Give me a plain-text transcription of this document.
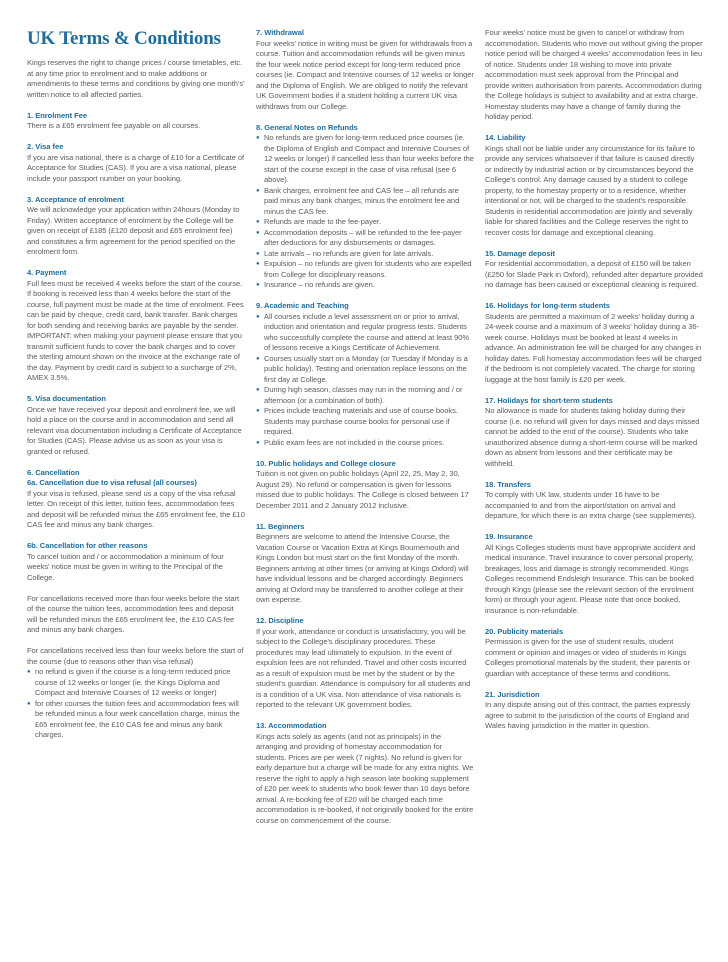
UK Terms & Conditions

Kings reserves the right to change prices / course timetables, etc. at any time prior to enrolment and to make additions or amendments to these terms and conditions by giving one month's' written notice to all affected parties.

1. Enrolment Fee
There is a £65 enrolment fee payable on all courses.
2. Visa fee
If you are visa national, there is a charge of £10 for a Certificate of Acceptance for Studies (CAS). If you are a visa national, please include your passport number on your booking.
3. Acceptance of enrolment
We will acknowledge your application within 24hours (Monday to Friday). Written acceptance of enrolment by the College will be given on receipt of £185 (£120 deposit and £65 enrolment fee) and constitutes a firm agreement for the period specified on the enrolment form.
4. Payment
Full fees must be received 4 weeks before the start of the course. If booking is received less than 4 weeks before the start of the course, full payment must be made at the time of enrolment. Fees can be paid by cheque, credit card, bank transfer. Bank charges for both sending and receiving banks are payable by the sender. IMPORTANT: when making your payment please ensure that you transmit sufficient funds to cover the bank charges and to cover the sterling amount shown on the invoice at the exchange rate of the day. Payment by credit card is subject to a surcharge of 2%, AMEX 3.5%.
5. Visa documentation
Once we have received your deposit and enrolment fee, we will hold a place on the course and in accommodation and send all relevant visa documentation including a Certificate of Acceptance for Studies (CAS). Please advise us as soon as your visa is granted or refused.
6. Cancellation
6a. Cancellation due to visa refusal (all courses)

If your visa is refused, please send us a copy of the visa refusal letter. On receipt of this letter, tuition fees, accommodation fees and deposit will be refunded minus the £65 enrolment fee, the £10 CAS fee and minus any bank charges.

6b. Cancellation for other reasons

To cancel tuition and / or accommodation a minimum of four weeks' notice must be given in writing to the Principal of the College.

For cancellations received more than four weeks before the start of the course the tuition fees, accommodation fees and deposit will be refunded minus the £65 enrolment fee, the £10 CAS fee and minus any bank charges.

For cancellations received less than four weeks before the start of the course (due to reasons other than visa refusal)
● no refund is given if the course is a long-term reduced price course of 12 weeks or longer (ie. the Kings Diploma and Compact and Intensive Courses of 12 weeks or longer)
● for other courses the tuition fees and accommodation fees will be refunded minus a four week cancellation charge, minus the £65 enrolment fee, the £10 CAS fee and minus any bank charges.
7. Withdrawal
Four weeks' notice in writing must be given for withdrawals from a course. Tuition and accommodation refunds will be given minus the four week notice period except for long-term reduced price courses (ie. Compact and Intensive courses of 12 weeks or longer and the Diploma of English. We are obliged to notify the relevant UK Government bodies if a student holding a current UK visa withdraws from our College.
8. General Notes on Refunds
● No refunds are given for long-term reduced price courses (ie. the Diploma of English and Compact and Intensive Courses of 12 weeks or longer) if cancelled less than four weeks before the start of the course except in the case of visa refusal (see 6 above).
● Bank charges, enrolment fee and CAS fee – all refunds are paid minus any bank charges, minus the enrolment fee and minus the CAS fee.
● Refunds are made to the fee-payer.
● Accommodation deposits – will be refunded to the fee-payer after deductions for any disbursements or damages.
● Late arrivals – no refunds are given for late arrivals.
● Expulsion – no refunds are given for students who are expelled from College for disciplinary reasons.
● Insurance – no refunds are given.
9. Academic and Teaching
● All courses include a level assessment on or prior to arrival, induction and orientation and regular progress tests. Students who successfully complete the course and attend at least 90% of lessons receive a Kings Certificate of Achievement.
● Courses usually start on a Monday (or Tuesday if Monday is a public holiday). Testing and orientation replace lessons on the first day at College.
● During high season, classes may run in the morning and / or afternoon (or a combination of both).
● Prices include teaching materials and use of course books. Students may purchase course books for personal use if required.
● Public exam fees are not included in the course prices.
10. Public holidays and College closure
Tuition is not given on public holidays (April 22, 25, May 2, 30, August 29). No refund or compensation is given for lessons missed due to public holidays. The College is closed between 17 December 2011 and 2 January 2012 inclusive.
11. Beginners
Beginners are welcome to attend the Intensive Course, the Vacation Course or Vacation Extra at Kings Bournemouth and Kings London but must start on the first Monday of the month. Beginners arriving at other times (or arriving at Kings Oxford) will have individual lessons and be charged accordingly. Beginners arriving at Oxford may be transferred to another college at their own expense.
12. Discipline
If your work, attendance or conduct is unsatisfactory, you will be subject to the College's disciplinary procedures. These procedures may lead ultimately to expulsion. In the event of expulsion fees are not refunded. Travel and other costs incurred as a result of expulsion must be met by the student or by the student's guardian. Attendance is compulsory for all students and is a condition of a UK visa. Non attendance of visa nationals is reported to the relevant UK government bodies.
13. Accommodation
Kings acts solely as agents (and not as principals) in the arranging and providing of homestay accommodation for students. Prices are per week (7 nights). No refund is given for early departure but a charge will be made for any extra nights. We reserve the right to apply a high season late booking supplement of £20 per week to students who book fewer than 10 days before arrival. A re-booking fee of £20 will be charged each time accommodation is re-booked, if not originally booked for the entire course on commencement of the course.

Four weeks' notice must be given to cancel or withdraw from accommodation. Students who move out without giving the proper notice period will be charged 4 weeks' accommodation fees in lieu of notice. Students under 18 wishing to move into private accommodation must seek approval from the Principal and provide written authorisation from parents. Accommodation during the College holidays is subject to availability and at extra charge. Homestay students may have a change of family during the holiday period.

14. Liability
Kings shall not be liable under any circumstance for its failure to provide any services whatsoever if that failure is caused directly or indirectly by industrial action or by circumstances beyond the College's control. Any damage caused by a student to college property, to the homestay property or to a residence, whether intentional or not, will be charged to the student's responsible. Students in residential accommodation are jointly and severally liable for shared facilities and the College reserves the right to recover costs for damage and exceptional cleaning.
15. Damage deposit
For residential accommodation, a deposit of £150 will be taken (£250 for Slade Park in Oxford), refunded after departure provided no damage has been caused or exceptional cleaning is required.
16. Holidays for long-term students
Students are permitted a maximum of 2 weeks' holiday during a 24-week course and a maximum of 3 weeks' holiday during a 36-week course. Holidays must be booked at least 4 weeks in advance. An administration fee will be charged for any changes in holiday dates. Full homestay accommodation fees will be charged if the bedroom is not completely vacated. The charge for storing luggage at the host family is £20 per week.
17. Holidays for short-term students
No allowance is made for students taking holiday during their course (i.e. no refund will given for days missed and days missed cannot be added to the end of the course). Students who take unauthorized absence during a short-term course will be marked down as absent from lessons and their certificate may be withheld.
18. Transfers
To comply with UK law, students under 16 have to be accompanied to and from the airport/station on arrival and departure, for which there is an extra charge (see supplements).
19. Insurance
All Kings Colleges students must have appropriate accident and medical insurance. Travel insurance to cover personal property, breakages, loss and damage is strongly recommended. Kings Colleges recommend Endsleigh Insurance. This can be booked through Kings (please see the relevant section of the enrolment form) or through your agent. Please note that once booked, insurance is non-refundable.
20. Publicity materials
Permission is given for the use of student results, student comment or opinion and images or video of students in Kings Colleges promotional materials by the student, their parents or guardian with acceptance of these terms and conditions.
21. Jurisdiction
In any dispute arising out of this contract, the parties expressly agree to submit to the jurisdiction of the courts of England and Wales having jurisdiction in the matter in question.
